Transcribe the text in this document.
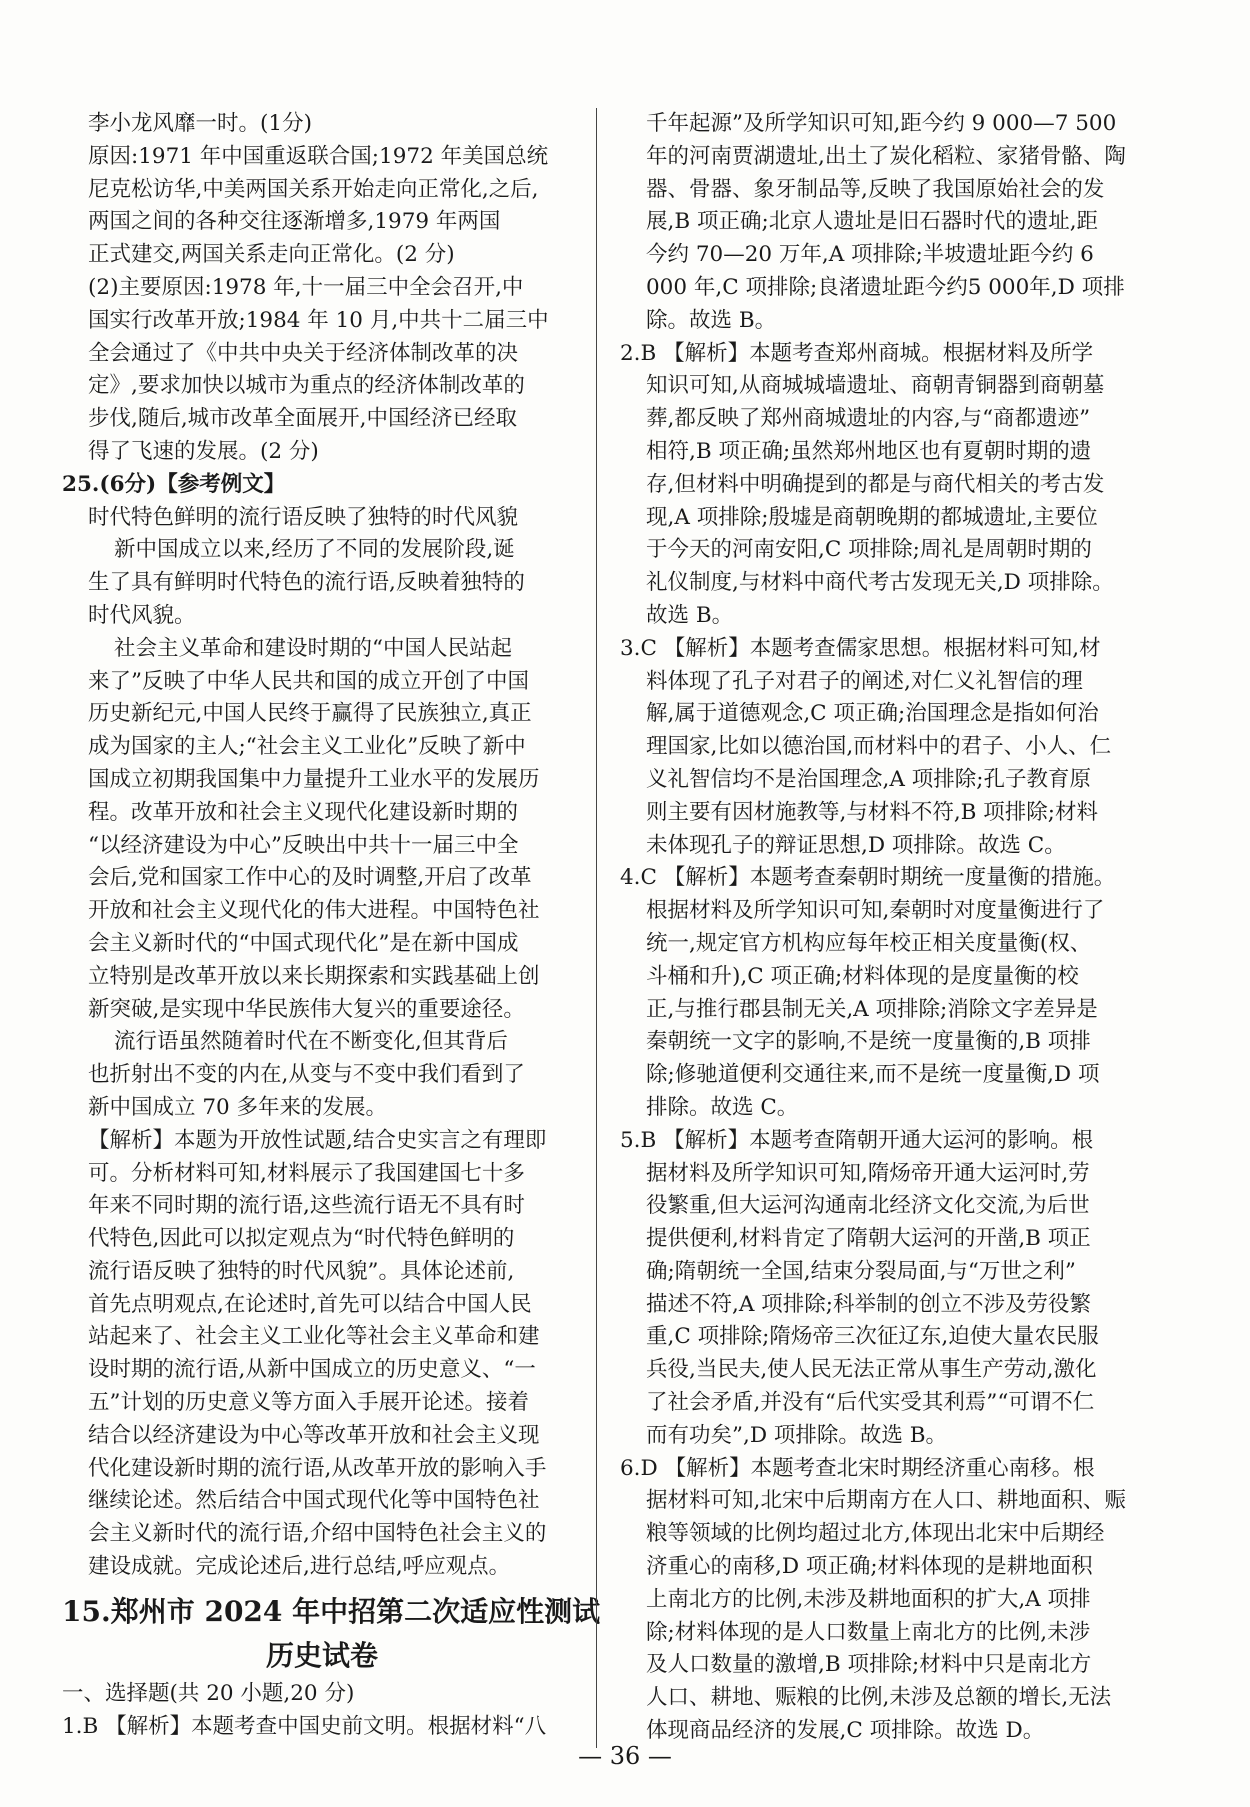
李小龙风靡一时。(1分)
原因:1971 年中国重返联合国;1972 年美国总统
尼克松访华,中美两国关系开始走向正常化,之后,
两国之间的各种交往逐渐增多,1979 年两国
正式建交,两国关系走向正常化。(2 分)
(2)主要原因:1978 年,十一届三中全会召开,中
国实行改革开放;1984 年 10 月,中共十二届三中
全会通过了《中共中央关于经济体制改革的决
定》,要求加快以城市为重点的经济体制改革的
步伐,随后,城市改革全面展开,中国经济已经取
得了飞速的发展。(2 分)
25.(6分)【参考例文】
时代特色鲜明的流行语反映了独特的时代风貌
新中国成立以来,经历了不同的发展阶段,诞
生了具有鲜明时代特色的流行语,反映着独特的
时代风貌。
社会主义革命和建设时期的“中国人民站起
来了”反映了中华人民共和国的成立开创了中国
历史新纪元,中国人民终于赢得了民族独立,真正
成为国家的主人;“社会主义工业化”反映了新中
国成立初期我国集中力量提升工业水平的发展历
程。改革开放和社会主义现代化建设新时期的
“以经济建设为中心”反映出中共十一届三中全
会后,党和国家工作中心的及时调整,开启了改革
开放和社会主义现代化的伟大进程。中国特色社
会主义新时代的“中国式现代化”是在新中国成
立特别是改革开放以来长期探索和实践基础上创
新突破,是实现中华民族伟大复兴的重要途径。
流行语虽然随着时代在不断变化,但其背后
也折射出不变的内在,从变与不变中我们看到了
新中国成立 70 多年来的发展。
【解析】本题为开放性试题,结合史实言之有理即
可。分析材料可知,材料展示了我国建国七十多
年来不同时期的流行语,这些流行语无不具有时
代特色,因此可以拟定观点为“时代特色鲜明的
流行语反映了独特的时代风貌”。具体论述前,
首先点明观点,在论述时,首先可以结合中国人民
站起来了、社会主义工业化等社会主义革命和建
设时期的流行语,从新中国成立的历史意义、“一
五”计划的历史意义等方面入手展开论述。接着
结合以经济建设为中心等改革开放和社会主义现
代化建设新时期的流行语,从改革开放的影响入手
继续论述。然后结合中国式现代化等中国特色社
会主义新时代的流行语,介绍中国特色社会主义的
建设成就。完成论述后,进行总结,呼应观点。
15.郑州市 2024 年中招第二次适应性测试
历史试卷
一、选择题(共 20 小题,20 分)
1.B 【解析】本题考查中国史前文明。根据材料“八
千年起源”及所学知识可知,距今约 9 000—7 500
年的河南贾湖遗址,出土了炭化稻粒、家猪骨骼、陶
器、骨器、象牙制品等,反映了我国原始社会的发
展,B 项正确;北京人遗址是旧石器时代的遗址,距
今约 70—20 万年,A 项排除;半坡遗址距今约 6
000 年,C 项排除;良渚遗址距今约5 000年,D 项排
除。故选 B。
2.B 【解析】本题考查郑州商城。根据材料及所学
知识可知,从商城城墙遗址、商朝青铜器到商朝墓
葬,都反映了郑州商城遗址的内容,与“商都遗迹”
相符,B 项正确;虽然郑州地区也有夏朝时期的遗
存,但材料中明确提到的都是与商代相关的考古发
现,A 项排除;殷墟是商朝晚期的都城遗址,主要位
于今天的河南安阳,C 项排除;周礼是周朝时期的
礼仪制度,与材料中商代考古发现无关,D 项排除。
故选 B。
3.C 【解析】本题考查儒家思想。根据材料可知,材
料体现了孔子对君子的阐述,对仁义礼智信的理
解,属于道德观念,C 项正确;治国理念是指如何治
理国家,比如以德治国,而材料中的君子、小人、仁
义礼智信均不是治国理念,A 项排除;孔子教育原
则主要有因材施教等,与材料不符,B 项排除;材料
未体现孔子的辩证思想,D 项排除。故选 C。
4.C 【解析】本题考查秦朝时期统一度量衡的措施。
根据材料及所学知识可知,秦朝时对度量衡进行了
统一,规定官方机构应每年校正相关度量衡(权、
斗桶和升),C 项正确;材料体现的是度量衡的校
正,与推行郡县制无关,A 项排除;消除文字差异是
秦朝统一文字的影响,不是统一度量衡的,B 项排
除;修驰道便利交通往来,而不是统一度量衡,D 项
排除。故选 C。
5.B 【解析】本题考查隋朝开通大运河的影响。根
据材料及所学知识可知,隋炀帝开通大运河时,劳
役繁重,但大运河沟通南北经济文化交流,为后世
提供便利,材料肯定了隋朝大运河的开凿,B 项正
确;隋朝统一全国,结束分裂局面,与“万世之利”
描述不符,A 项排除;科举制的创立不涉及劳役繁
重,C 项排除;隋炀帝三次征辽东,迫使大量农民服
兵役,当民夫,使人民无法正常从事生产劳动,激化
了社会矛盾,并没有“后代实受其利焉”“可谓不仁
而有功矣”,D 项排除。故选 B。
6.D 【解析】本题考查北宋时期经济重心南移。根
据材料可知,北宋中后期南方在人口、耕地面积、赈
粮等领域的比例均超过北方,体现出北宋中后期经
济重心的南移,D 项正确;材料体现的是耕地面积
上南北方的比例,未涉及耕地面积的扩大,A 项排
除;材料体现的是人口数量上南北方的比例,未涉
及人口数量的激增,B 项排除;材料中只是南北方
人口、耕地、赈粮的比例,未涉及总额的增长,无法
体现商品经济的发展,C 项排除。故选 D。
— 36 —
